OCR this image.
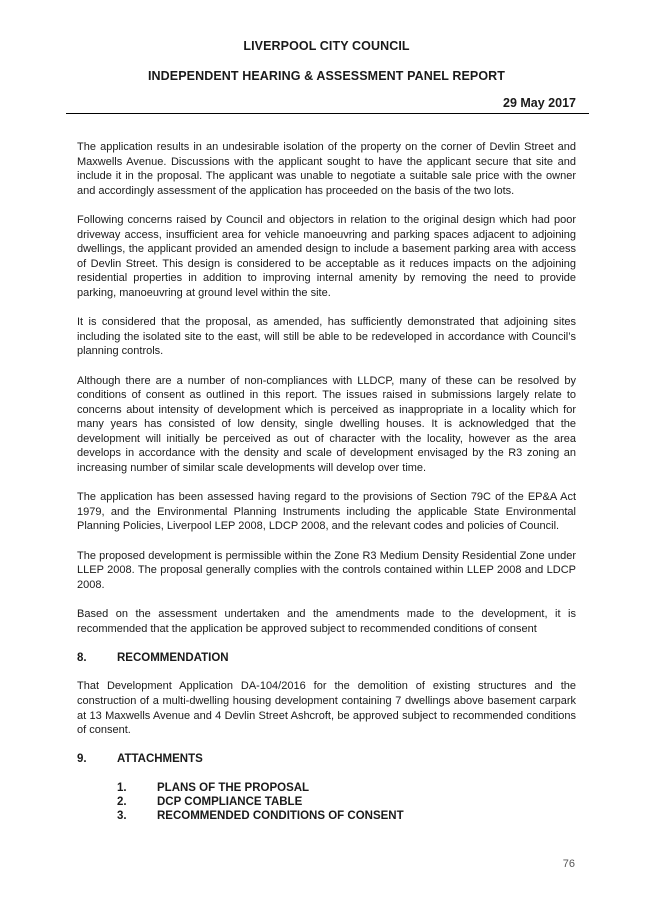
LIVERPOOL CITY COUNCIL
INDEPENDENT HEARING & ASSESSMENT PANEL REPORT
29 May 2017

The application results in an undesirable isolation of the property on the corner of Devlin Street and Maxwells Avenue. Discussions with the applicant sought to have the applicant secure that site and include it in the proposal. The applicant was unable to negotiate a suitable sale price with the owner and accordingly assessment of the application has proceeded on the basis of the two lots.

Following concerns raised by Council and objectors in relation to the original design which had poor driveway access, insufficient area for vehicle manoeuvring and parking spaces adjacent to adjoining dwellings, the applicant provided an amended design to include a basement parking area with access of Devlin Street. This design is considered to be acceptable as it reduces impacts on the adjoining residential properties in addition to improving internal amenity by removing the need to provide parking, manoeuvring at ground level within the site.

It is considered that the proposal, as amended, has sufficiently demonstrated that adjoining sites including the isolated site to the east, will still be able to be redeveloped in accordance with Council’s planning controls.

Although there are a number of non-compliances with LLDCP, many of these can be resolved by conditions of consent as outlined in this report. The issues raised in submissions largely relate to concerns about intensity of development which is perceived as inappropriate in a locality which for many years has consisted of low density, single dwelling houses. It is acknowledged that the development will initially be perceived as out of character with the locality, however as the area develops in accordance with the density and scale of development envisaged by the R3 zoning an increasing number of similar scale developments will develop over time.

The application has been assessed having regard to the provisions of Section 79C of the EP&A Act 1979, and the Environmental Planning Instruments including the applicable State Environmental Planning Policies, Liverpool LEP 2008, LDCP 2008, and the relevant codes and policies of Council.

The proposed development is permissible within the Zone R3 Medium Density Residential Zone under LLEP 2008. The proposal generally complies with the controls contained within LLEP 2008 and LDCP 2008.

Based on the assessment undertaken and the amendments made to the development, it is recommended that the application be approved subject to recommended conditions of consent

8.	RECOMMENDATION

That Development Application DA-104/2016 for the demolition of existing structures and the construction of a multi-dwelling housing development containing 7 dwellings above basement carpark at 13 Maxwells Avenue and 4 Devlin Street Ashcroft, be approved subject to recommended conditions of consent.

9.	ATTACHMENTS
1.	PLANS OF THE PROPOSAL
2.	DCP COMPLIANCE TABLE
3.	RECOMMENDED CONDITIONS OF CONSENT
76
